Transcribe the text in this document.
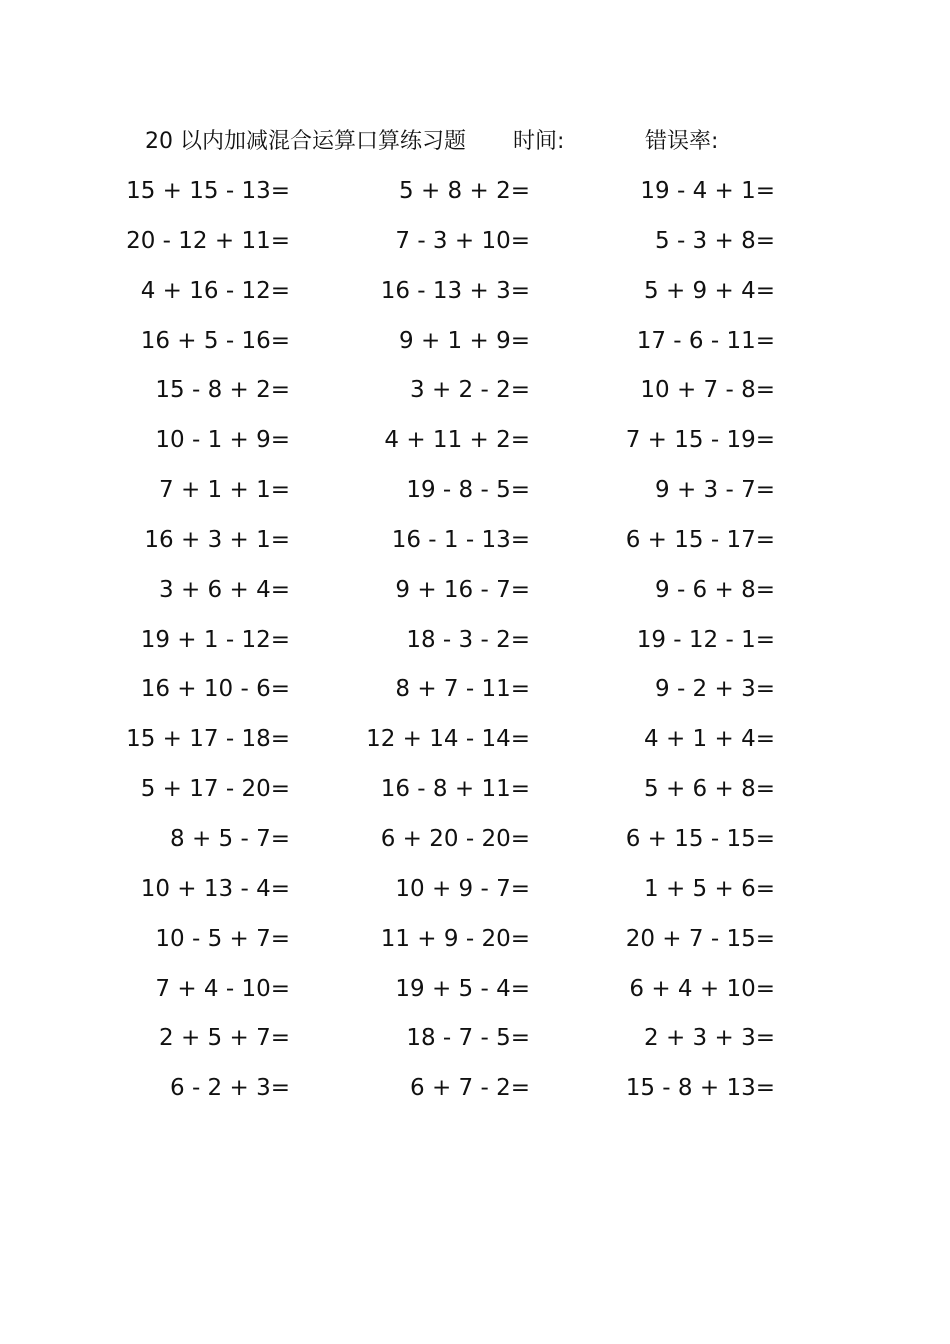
20 以内加减混合运算口算练习题 时间:	错误率:
15 + 15 - 13=
20 - 12 + 11=
4 + 16 - 12=
16 + 5 - 16=
15 - 8 + 2=
10 - 1 + 9=
7 + 1 + 1=
16 + 3 + 1=
3 + 6 + 4=
19 + 1 - 12=
16 + 10 - 6=
15 + 17 - 18=
5 + 17 - 20=
8 + 5 - 7=
10 + 13 - 4=
10 - 5 + 7=
7 + 4 - 10=
2 + 5 + 7=
6 - 2 + 3=
5 + 8 + 2=
7 - 3 + 10=
16 - 13 + 3=
9 + 1 + 9=
3 + 2 - 2=
4 + 11 + 2=
19 - 8 - 5=
16 - 1 - 13=
9 + 16 - 7=
18 - 3 - 2=
8 + 7 - 11=
12 + 14 - 14=
16 - 8 + 11=
6 + 20 - 20=
10 + 9 - 7=
11 + 9 - 20=
19 + 5 - 4=
18 - 7 - 5=
6 + 7 - 2=
19 - 4 + 1=
5 - 3 + 8=
5 + 9 + 4=
17 - 6 - 11=
10 + 7 - 8=
7 + 15 - 19=
9 + 3 - 7=
6 + 15 - 17=
9 - 6 + 8=
19 - 12 - 1=
9 - 2 + 3=
4 + 1 + 4=
5 + 6 + 8=
6 + 15 - 15=
1 + 5 + 6=
20 + 7 - 15=
6 + 4 + 10=
2 + 3 + 3=
15 - 8 + 13=
